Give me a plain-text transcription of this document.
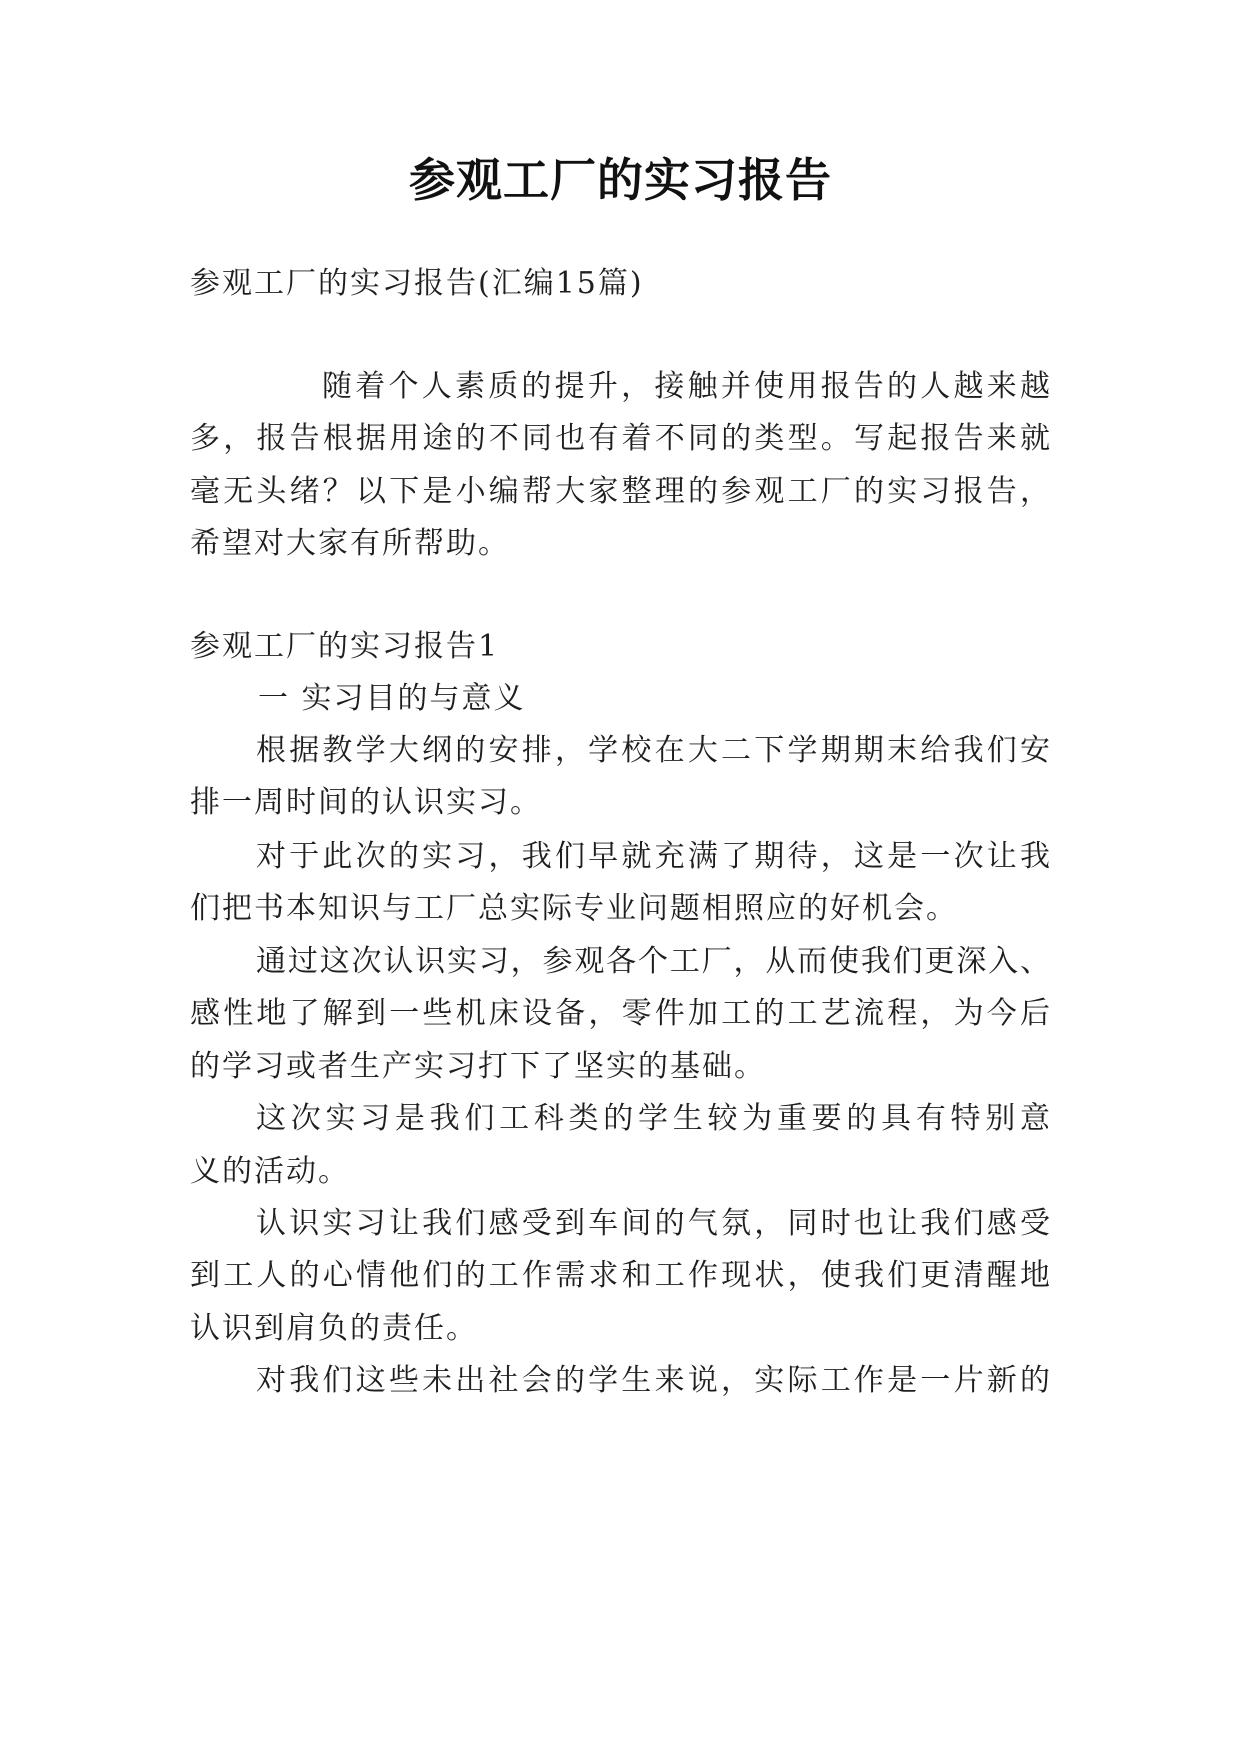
参观工厂的实习报告
参观工厂的实习报告(汇编15篇)
随着个人素质的提升，接触并使用报告的人越来越
多，报告根据用途的不同也有着不同的类型。写起报告来就
毫无头绪？以下是小编帮大家整理的参观工厂的实习报告，
希望对大家有所帮助。
参观工厂的实习报告1
一 实习目的与意义
根据教学大纲的安排，学校在大二下学期期末给我们安
排一周时间的认识实习。
对于此次的实习，我们早就充满了期待，这是一次让我
们把书本知识与工厂总实际专业问题相照应的好机会。
通过这次认识实习，参观各个工厂，从而使我们更深入、
感性地了解到一些机床设备，零件加工的工艺流程，为今后
的学习或者生产实习打下了坚实的基础。
这次实习是我们工科类的学生较为重要的具有特别意
义的活动。
认识实习让我们感受到车间的气氛，同时也让我们感受
到工人的心情他们的工作需求和工作现状，使我们更清醒地
认识到肩负的责任。
对我们这些未出社会的学生来说，实际工作是一片新的
